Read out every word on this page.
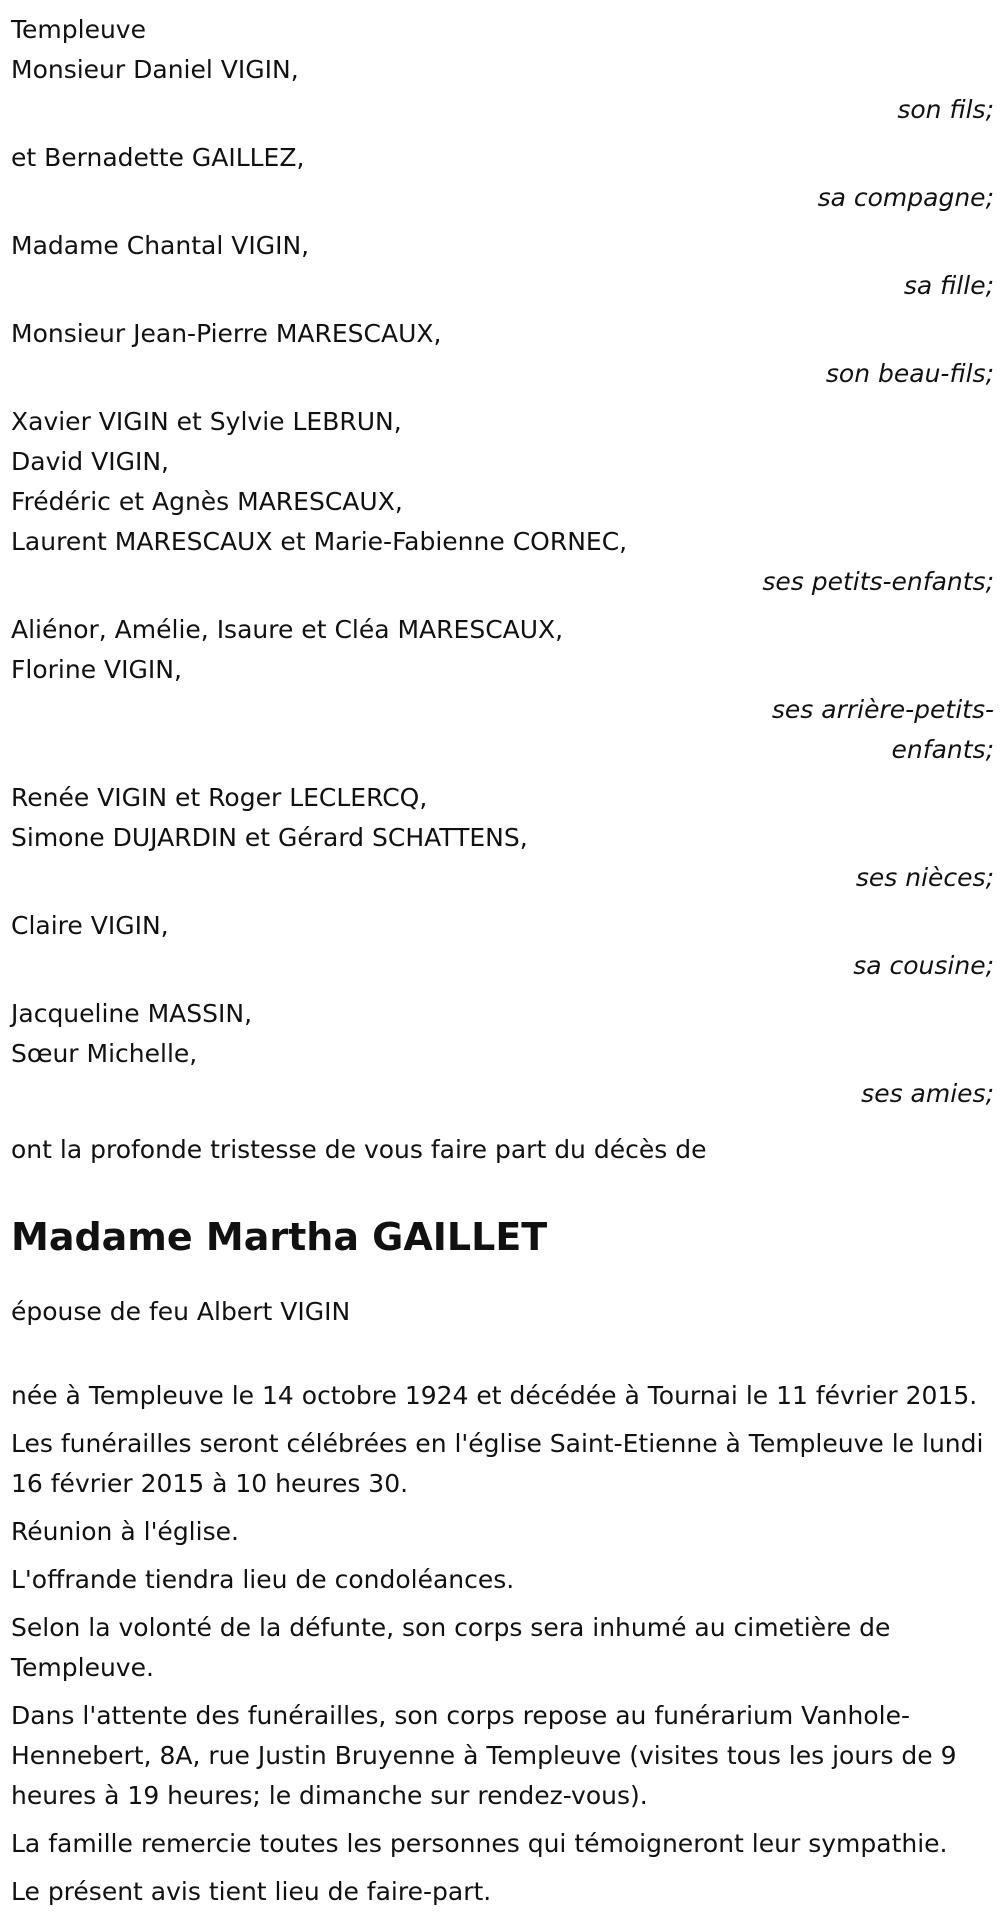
Templeuve
Monsieur Daniel VIGIN,
son fils;
et Bernadette GAILLEZ,
sa compagne;
Madame Chantal VIGIN,
sa fille;
Monsieur Jean-Pierre MARESCAUX,
son beau-fils;
Xavier VIGIN et Sylvie LEBRUN,
David VIGIN,
Frédéric et Agnès MARESCAUX,
Laurent MARESCAUX et Marie-Fabienne CORNEC,
ses petits-enfants;
Aliénor, Amélie, Isaure et Cléa MARESCAUX,
Florine VIGIN,
ses arrière-petits-enfants;
Renée VIGIN et Roger LECLERCQ,
Simone DUJARDIN et Gérard SCHATTENS,
ses nièces;
Claire VIGIN,
sa cousine;
Jacqueline MASSIN,
Sœur Michelle,
ses amies;
ont la profonde tristesse de vous faire part du décès de
Madame Martha GAILLET
épouse de feu Albert VIGIN

née à Templeuve le 14 octobre 1924 et décédée à Tournai le 11 février 2015.

Les funérailles seront célébrées en l'église Saint-Etienne à Templeuve le lundi 16 février 2015 à 10 heures 30.

Réunion à l'église.

L'offrande tiendra lieu de condoléances.

Selon la volonté de la défunte, son corps sera inhumé au cimetière de Templeuve.

Dans l'attente des funérailles, son corps repose au funérarium Vanhole-Hennebert, 8A, rue Justin Bruyenne à Templeuve (visites tous les jours de 9 heures à 19 heures; le dimanche sur rendez-vous).

La famille remercie toutes les personnes qui témoigneront leur sympathie.

Le présent avis tient lieu de faire-part.
